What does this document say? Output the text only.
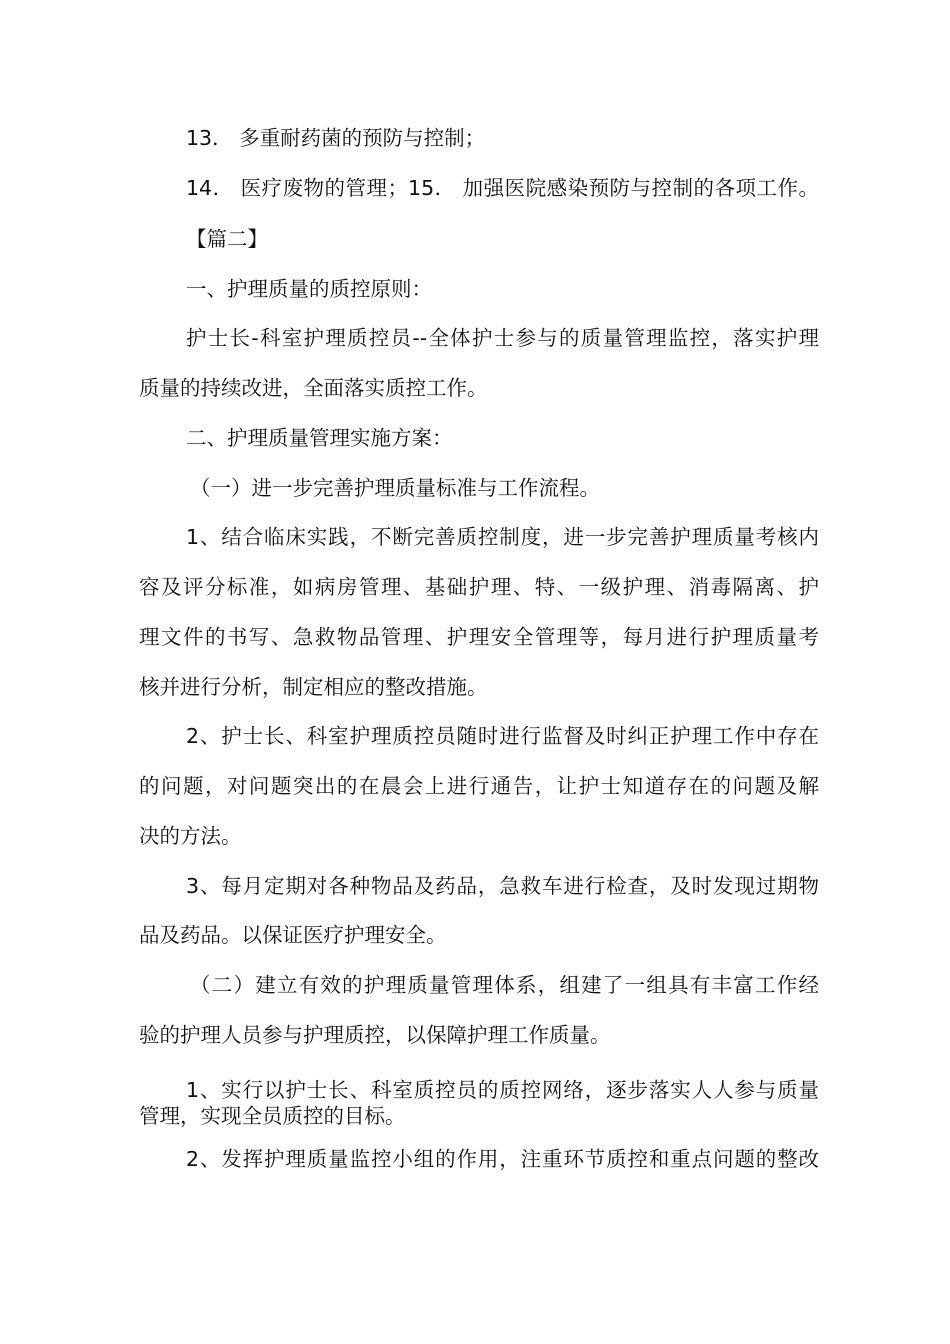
13． 多重耐药菌的预防与控制；
14． 医疗废物的管理；15． 加强医院感染预防与控制的各项工作。
【篇二】
一、护理质量的质控原则：
护士长-科室护理质控员--全体护士参与的质量管理监控，落实护理
质量的持续改进，全面落实质控工作。
二、护理质量管理实施方案：
（一）进一步完善护理质量标准与工作流程。
1、结合临床实践，不断完善质控制度，进一步完善护理质量考核内
容及评分标准，如病房管理、基础护理、特、一级护理、消毒隔离、护
理文件的书写、急救物品管理、护理安全管理等，每月进行护理质量考
核并进行分析，制定相应的整改措施。
2、护士长、科室护理质控员随时进行监督及时纠正护理工作中存在
的问题，对问题突出的在晨会上进行通告，让护士知道存在的问题及解
决的方法。
3、每月定期对各种物品及药品，急救车进行检查，及时发现过期物
品及药品。以保证医疗护理安全。
（二）建立有效的护理质量管理体系，组建了一组具有丰富工作经
验的护理人员参与护理质控，以保障护理工作质量。
1、实行以护士长、科室质控员的质控网络，逐步落实人人参与质量
管理，实现全员质控的目标。
2、发挥护理质量监控小组的作用，注重环节质控和重点问题的整改
